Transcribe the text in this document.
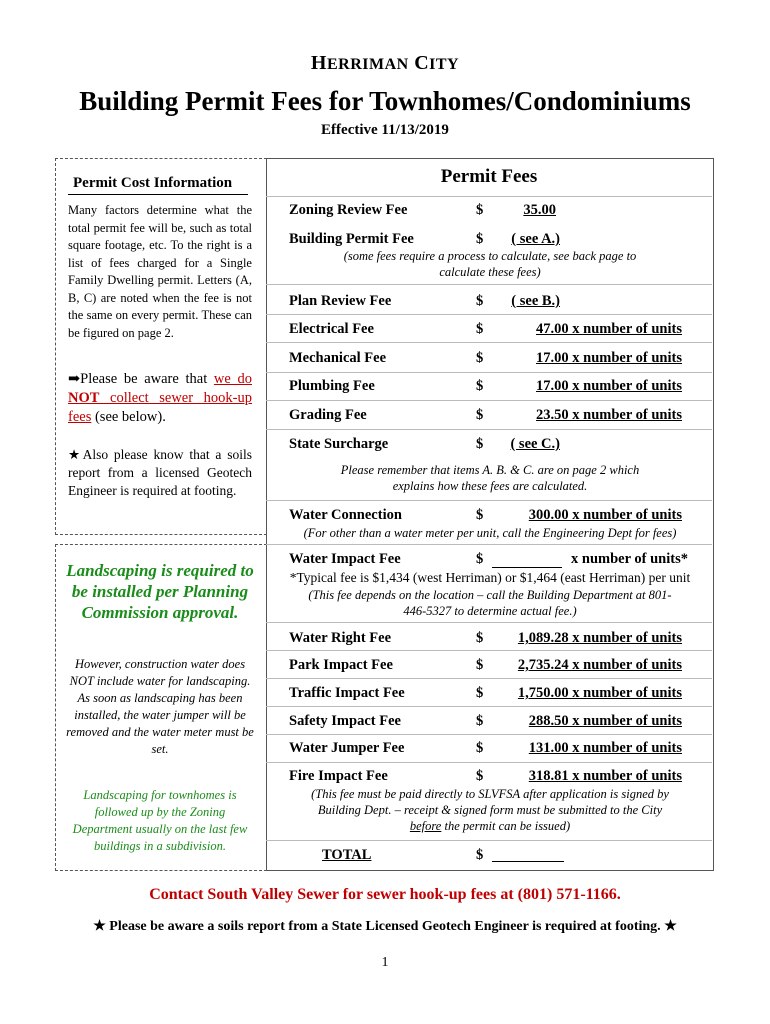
HERRIMAN CITY
Building Permit Fees for Townhomes/Condominiums
Effective 11/13/2019
Permit Cost Information
Many factors determine what the total permit fee will be, such as total square footage, etc. To the right is a list of fees charged for a Single Family Dwelling permit. Letters (A, B, C) are noted when the fee is not the same on every permit. These can be figured on page 2.
➡Please be aware that we do NOT collect sewer hook-up fees (see below).
★Also please know that a soils report from a licensed Geotech Engineer is required at footing.
Landscaping is required to be installed per Planning Commission approval.
However, construction water does NOT include water for landscaping. As soon as landscaping has been installed, the water jumper will be removed and the water meter must be set.
Landscaping for townhomes is followed up by the Zoning Department usually on the last few buildings in a subdivision.
Permit Fees
Zoning Review Fee	$	35.00
Building Permit Fee	$	( see A.)
(some fees require a process to calculate, see back page to calculate these fees)
Plan Review Fee	$	( see B.)
Electrical Fee	$	47.00 x number of units
Mechanical Fee	$	17.00 x number of units
Plumbing Fee	$	17.00 x number of units
Grading Fee	$	23.50 x number of units
State Surcharge	$	( see C.)
Please remember that items A. B. & C. are on page 2 which explains how these fees are calculated.
Water Connection	$	300.00 x number of units
(For other than a water meter per unit, call the Engineering Dept for fees)
Water Impact Fee	$	x number of units*
*Typical fee is $1,434 (west Herriman) or $1,464 (east Herriman) per unit
(This fee depends on the location – call the Building Department at 801-446-5327 to determine actual fee.)
Water Right Fee	$	1,089.28 x number of units
Park Impact Fee	$	2,735.24 x number of units
Traffic Impact Fee	$	1,750.00 x number of units
Safety Impact Fee	$	288.50 x number of units
Water Jumper Fee	$	131.00 x number of units
Fire Impact Fee	$	318.81 x number of units
(This fee must be paid directly to SLVFSA after application is signed by Building Dept. – receipt & signed form must be submitted to the City before the permit can be issued)
TOTAL	$
Contact South Valley Sewer for sewer hook-up fees at (801) 571-1166.
★ Please be aware a soils report from a State Licensed Geotech Engineer is required at footing. ★
1
